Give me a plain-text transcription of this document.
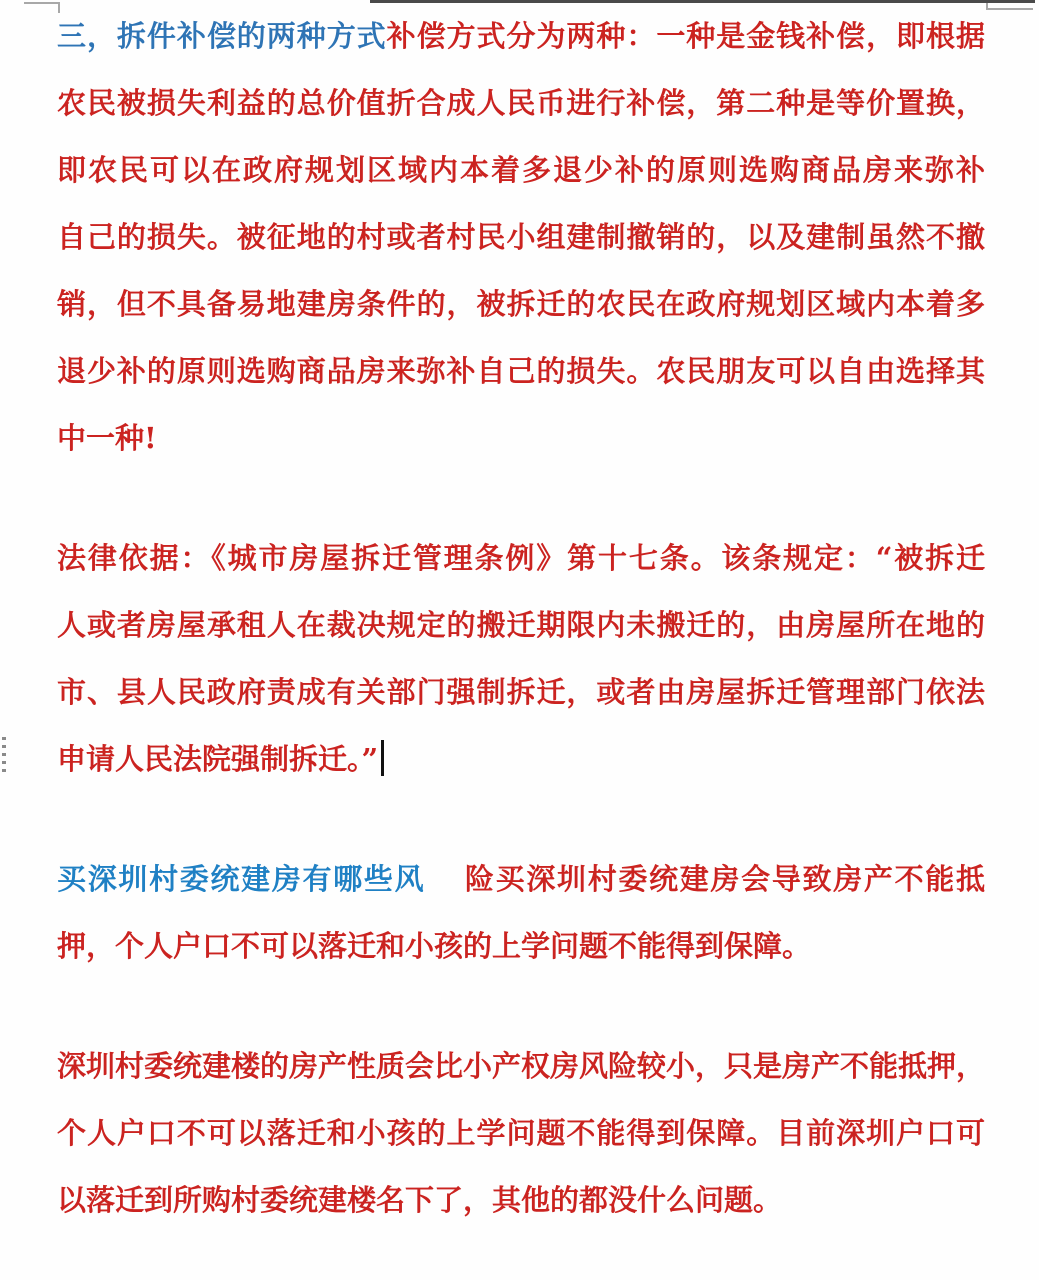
三，拆件补偿的两种方式补偿方式分为两种：一种是金钱补偿，即根据
农民被损失利益的总价值折合成人民币进行补偿，第二种是等价置换，
即农民可以在政府规划区域内本着多退少补的原则选购商品房来弥补
自己的损失。被征地的村或者村民小组建制撤销的，以及建制虽然不撤
销，但不具备易地建房条件的，被拆迁的农民在政府规划区域内本着多
退少补的原则选购商品房来弥补自己的损失。农民朋友可以自由选择其
中一种!
法律依据：《城市房屋拆迁管理条例》第十七条。该条规定：“被拆迁
人或者房屋承租人在裁决规定的搬迁期限内未搬迁的，由房屋所在地的
市、县人民政府责成有关部门强制拆迁，或者由房屋拆迁管理部门依法
申请人民法院强制拆迁。”
买深圳村委统建房有哪些风 险买深圳村委统建房会导致房产不能抵
押，个人户口不可以落迁和小孩的上学问题不能得到保障。
深圳村委统建楼的房产性质会比小产权房风险较小，只是房产不能抵押，
个人户口不可以落迁和小孩的上学问题不能得到保障。目前深圳户口可
以落迁到所购村委统建楼名下了，其他的都没什么问题。
